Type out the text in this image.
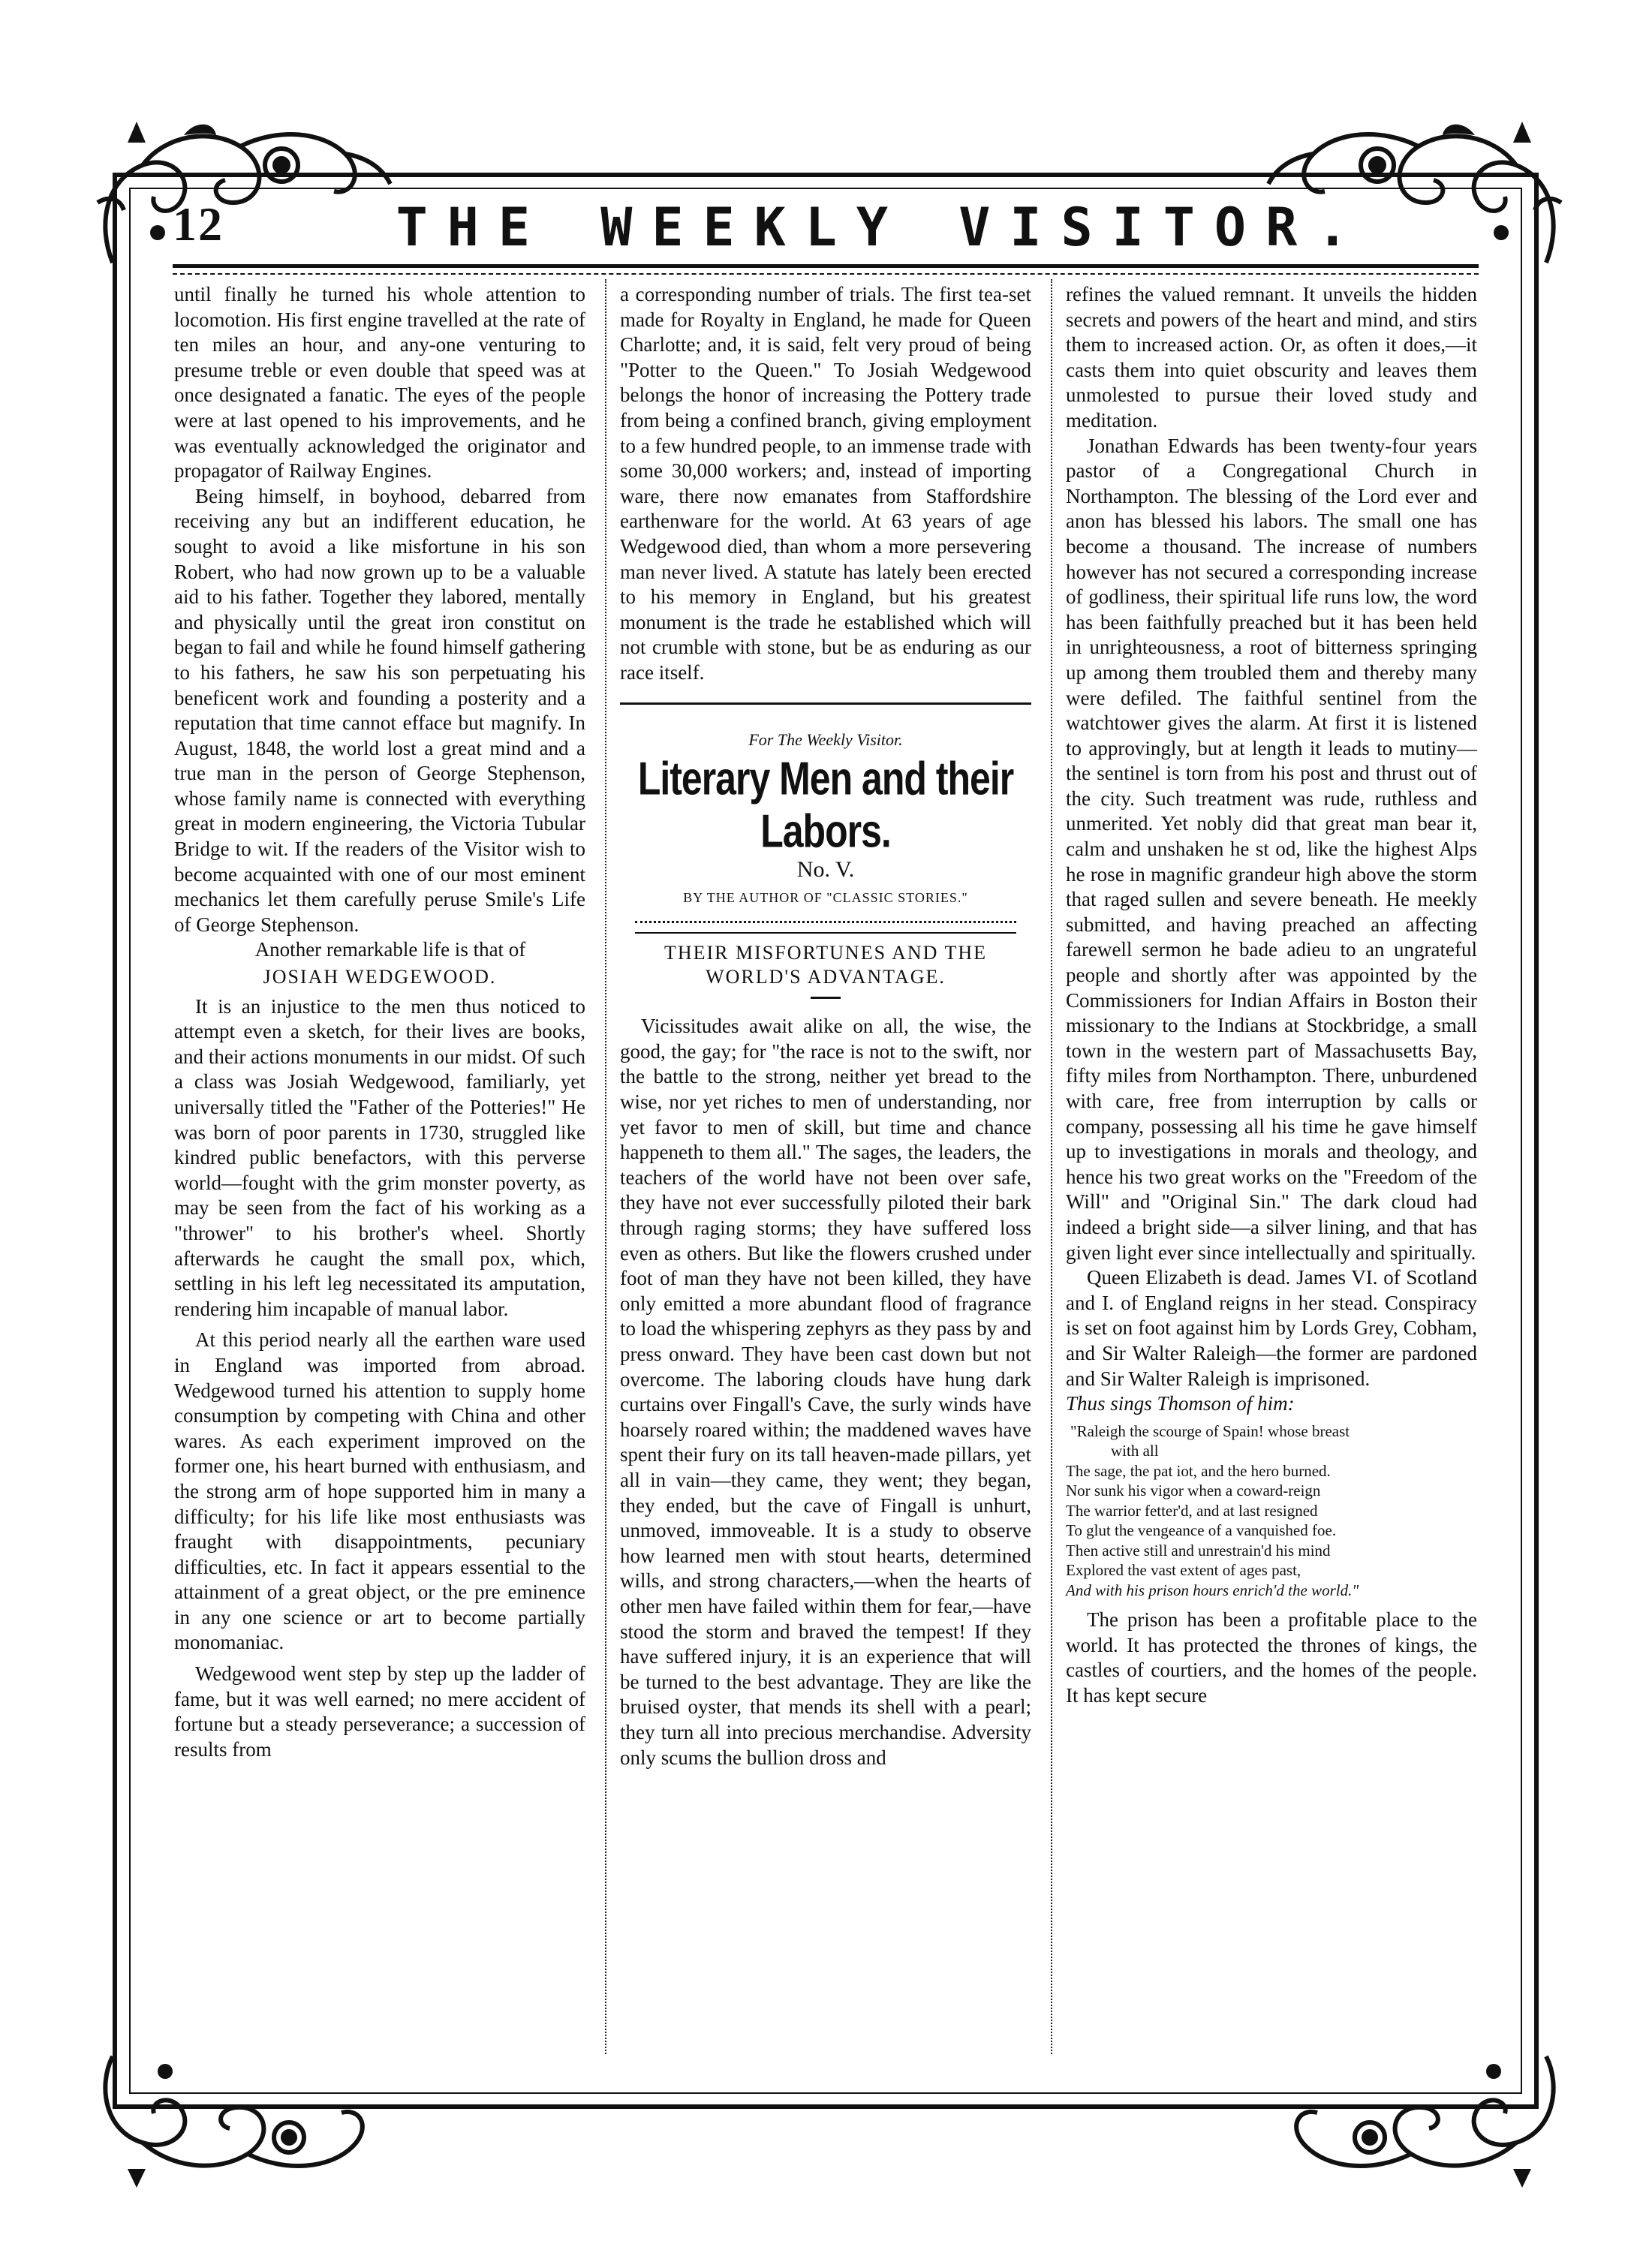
12	THE WEEKLY VISITOR.

until finally he turned his whole attention to locomotion. His first engine travelled at the rate of ten miles an hour, and any-one venturing to presume treble or even double that speed was at once designated a fanatic. The eyes of the people were at last opened to his improvements, and he was eventually acknowledged the originator and propagator of Railway Engines.

Being himself, in boyhood, debarred from receiving any but an indifferent education, he sought to avoid a like misfortune in his son Robert, who had now grown up to be a valuable aid to his father. Together they labored, mentally and physically until the great iron constitut on began to fail and while he found himself gathering to his fathers, he saw his son perpetuating his beneficent work and founding a posterity and a reputation that time cannot efface but magnify. In August, 1848, the world lost a great mind and a true man in the person of George Stephenson, whose family name is connected with everything great in modern engineering, the Victoria Tubular Bridge to wit. If the readers of the Visitor wish to become acquainted with one of our most eminent mechanics let them carefully peruse Smile's Life of George Stephenson.

Another remarkable life is that of

JOSIAH WEDGEWOOD.

It is an injustice to the men thus noticed to attempt even a sketch, for their lives are books, and their actions monuments in our midst. Of such a class was Josiah Wedgewood, familiarly, yet universally titled the "Father of the Potteries!" He was born of poor parents in 1730, struggled like kindred public benefactors, with this perverse world—fought with the grim monster poverty, as may be seen from the fact of his working as a "thrower" to his brother's wheel. Shortly afterwards he caught the small pox, which, settling in his left leg necessitated its amputation, rendering him incapable of manual labor.

At this period nearly all the earthen ware used in England was imported from abroad. Wedgewood turned his attention to supply home consumption by competing with China and other wares. As each experiment improved on the former one, his heart burned with enthusiasm, and the strong arm of hope supported him in many a difficulty; for his life like most enthusiasts was fraught with disappointments, pecuniary difficulties, etc. In fact it appears essential to the attainment of a great object, or the pre eminence in any one science or art to become partially monomaniac.

Wedgewood went step by step up the ladder of fame, but it was well earned; no mere accident of fortune but a steady perseverance; a succession of results from

a corresponding number of trials. The first tea-set made for Royalty in England, he made for Queen Charlotte; and, it is said, felt very proud of being "Potter to the Queen." To Josiah Wedgewood belongs the honor of increasing the Pottery trade from being a confined branch, giving employment to a few hundred people, to an immense trade with some 30,000 workers; and, instead of importing ware, there now emanates from Staffordshire earthenware for the world. At 63 years of age Wedgewood died, than whom a more persevering man never lived. A statute has lately been erected to his memory in England, but his greatest monument is the trade he established which will not crumble with stone, but be as enduring as our race itself.

For The Weekly Visitor.
Literary Men and their Labors.
No. V.
BY THE AUTHOR OF "CLASSIC STORIES."
THEIR MISFORTUNES AND THE WORLD'S ADVANTAGE.

Vicissitudes await alike on all, the wise, the good, the gay; for "the race is not to the swift, nor the battle to the strong, neither yet bread to the wise, nor yet riches to men of understanding, nor yet favor to men of skill, but time and chance happeneth to them all." The sages, the leaders, the teachers of the world have not been over safe, they have not ever successfully piloted their bark through raging storms; they have suffered loss even as others. But like the flowers crushed under foot of man they have not been killed, they have only emitted a more abundant flood of fragrance to load the whispering zephyrs as they pass by and press onward. They have been cast down but not overcome. The laboring clouds have hung dark curtains over Fingall's Cave, the surly winds have hoarsely roared within; the maddened waves have spent their fury on its tall heaven-made pillars, yet all in vain—they came, they went; they began, they ended, but the cave of Fingall is unhurt, unmoved, immoveable. It is a study to observe how learned men with stout hearts, determined wills, and strong characters,—when the hearts of other men have failed within them for fear,—have stood the storm and braved the tempest! If they have suffered injury, it is an experience that will be turned to the best advantage. They are like the bruised oyster, that mends its shell with a pearl; they turn all into precious merchandise. Adversity only scums the bullion dross and

refines the valued remnant. It unveils the hidden secrets and powers of the heart and mind, and stirs them to increased action. Or, as often it does,—it casts them into quiet obscurity and leaves them unmolested to pursue their loved study and meditation.

Jonathan Edwards has been twenty-four years pastor of a Congregational Church in Northampton. The blessing of the Lord ever and anon has blessed his labors. The small one has become a thousand. The increase of numbers however has not secured a corresponding increase of godliness, their spiritual life runs low, the word has been faithfully preached but it has been held in unrighteousness, a root of bitterness springing up among them troubled them and thereby many were defiled. The faithful sentinel from the watchtower gives the alarm. At first it is listened to approvingly, but at length it leads to mutiny—the sentinel is torn from his post and thrust out of the city. Such treatment was rude, ruthless and unmerited. Yet nobly did that great man bear it, calm and unshaken he st od, like the highest Alps he rose in magnific grandeur high above the storm that raged sullen and severe beneath. He meekly submitted, and having preached an affecting farewell sermon he bade adieu to an ungrateful people and shortly after was appointed by the Commissioners for Indian Affairs in Boston their missionary to the Indians at Stockbridge, a small town in the western part of Massachusetts Bay, fifty miles from Northampton. There, unburdened with care, free from interruption by calls or company, possessing all his time he gave himself up to investigations in morals and theology, and hence his two great works on the "Freedom of the Will" and "Original Sin." The dark cloud had indeed a bright side—a silver lining, and that has given light ever since intellectually and spiritually.

Queen Elizabeth is dead. James VI. of Scotland and I. of England reigns in her stead. Conspiracy is set on foot against him by Lords Grey, Cobham, and Sir Walter Raleigh—the former are pardoned and Sir Walter Raleigh is imprisoned.

Thus sings Thomson of him:

"Raleigh the scourge of Spain! whose breast

with all

The sage, the pat iot, and the hero burned.

Nor sunk his vigor when a coward-reign

The warrior fetter'd, and at last resigned

To glut the vengeance of a vanquished foe.

Then active still and unrestrain'd his mind

Explored the vast extent of ages past,

And with his prison hours enrich'd the world."

The prison has been a profitable place to the world. It has protected the thrones of kings, the castles of courtiers, and the homes of the people. It has kept secure
